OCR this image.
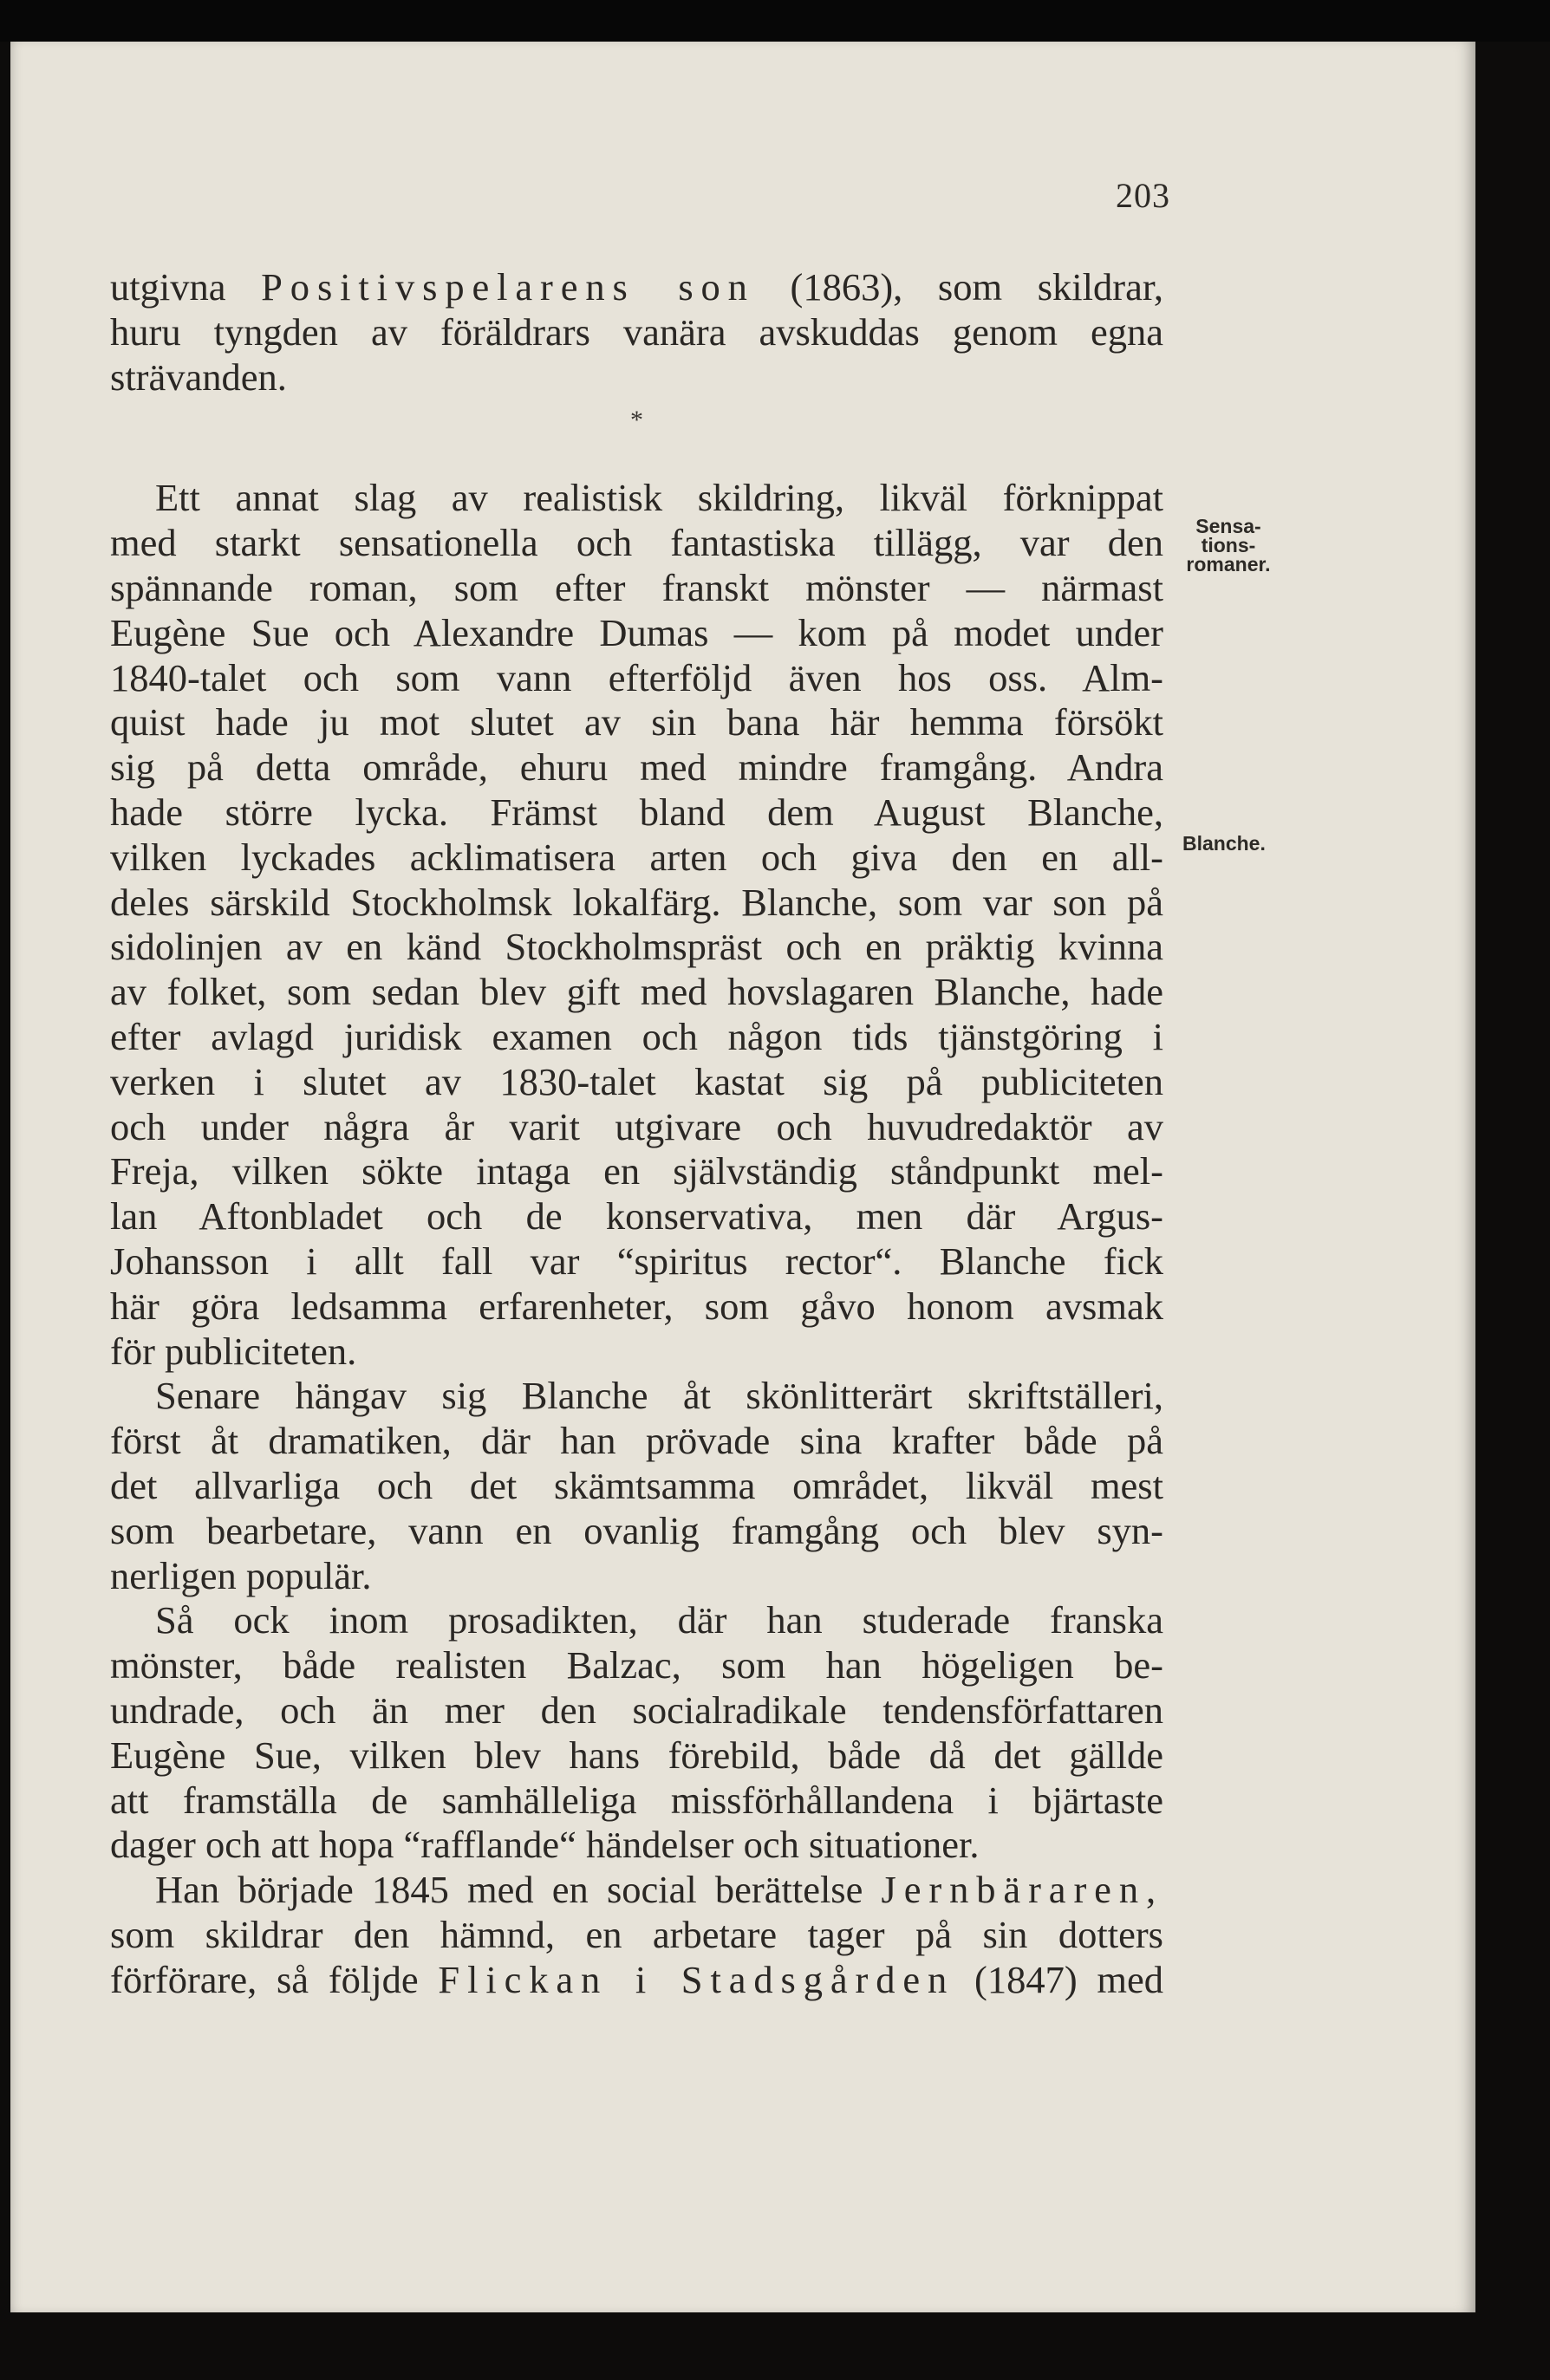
203
Sensa-
tions-
romaner.
Blanche.

utgivna Positivspelarens son (1863), som skildrar,

huru tyngden av föräldrars vanära avskuddas genom egna

strävanden.

*

Ett annat slag av realistisk skildring, likväl förknippat

med starkt sensationella och fantastiska tillägg, var den

spännande roman, som efter franskt mönster — närmast

Eugène Sue och Alexandre Dumas — kom på modet under

1840-talet och som vann efterföljd även hos oss. Alm-

quist hade ju mot slutet av sin bana här hemma försökt

sig på detta område, ehuru med mindre framgång. Andra

hade större lycka. Främst bland dem August Blanche,

vilken lyckades acklimatisera arten och giva den en all-

deles särskild Stockholmsk lokalfärg. Blanche, som var son på

sidolinjen av en känd Stockholmspräst och en präktig kvinna

av folket, som sedan blev gift med hovslagaren Blanche, hade

efter avlagd juridisk examen och någon tids tjänstgöring i

verken i slutet av 1830-talet kastat sig på publiciteten

och under några år varit utgivare och huvudredaktör av

Freja, vilken sökte intaga en självständig ståndpunkt mel-

lan Aftonbladet och de konservativa, men där Argus-

Johansson i allt fall var “spiritus rector“. Blanche fick

här göra ledsamma erfarenheter, som gåvo honom avsmak

för publiciteten.

Senare hängav sig Blanche åt skönlitterärt skriftställeri,

först åt dramatiken, där han prövade sina krafter både på

det allvarliga och det skämtsamma området, likväl mest

som bearbetare, vann en ovanlig framgång och blev syn-

nerligen populär.

Så ock inom prosadikten, där han studerade franska

mönster, både realisten Balzac, som han högeligen be-

undrade, och än mer den socialradikale tendensförfattaren

Eugène Sue, vilken blev hans förebild, både då det gällde

att framställa de samhälleliga missförhållandena i bjärtaste

dager och att hopa “rafflande“ händelser och situationer.

Han började 1845 med en social berättelse Jernbäraren,

som skildrar den hämnd, en arbetare tager på sin dotters

förförare, så följde Flickan i Stadsgården (1847) med
